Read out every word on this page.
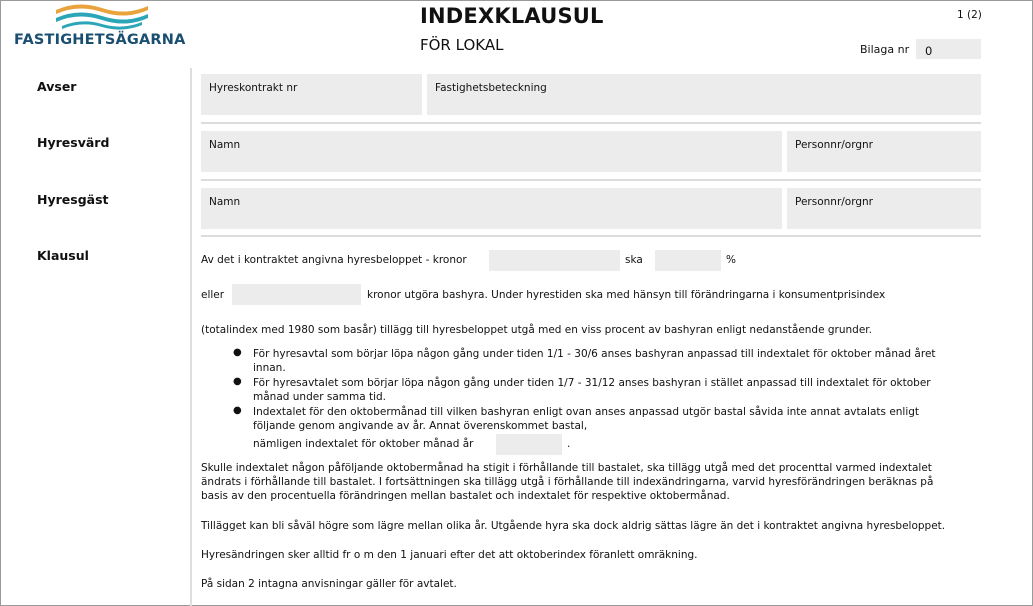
FASTIGHETSÄGARNA
INDEXKLAUSUL
FÖR LOKAL
1 (2)
Bilaga nr	0
Avser	Hyreskontrakt nr	Fastighetsbeteckning
Hyresvärd	Namn	Personnr/orgnr
Hyresgäst	Namn	Personnr/orgnr
Klausul	Av det i kontraktet angivna hyresbeloppet - kronor	ska	%
eller	kronor utgöra bashyra. Under hyrestiden ska med hänsyn till förändringarna i konsumentprisindex
(totalindex med 1980 som basår) tillägg till hyresbeloppet utgå med en viss procent av bashyran enligt nedanstående grunder.
● För hyresavtal som börjar löpa någon gång under tiden 1/1 - 30/6 anses bashyran anpassad till indextalet för oktober månad året
innan.
● För hyresavtalet som börjar löpa någon gång under tiden 1/7 - 31/12 anses bashyran i stället anpassad till indextalet för oktober
månad under samma tid.
● Indextalet för den oktobermånad till vilken bashyran enligt ovan anses anpassad utgör bastal såvida inte annat avtalats enligt
följande genom angivande av år. Annat överenskommet bastal,
nämligen indextalet för oktober månad år	.
Skulle indextalet någon påföljande oktobermånad ha stigit i förhållande till bastalet, ska tillägg utgå med det procenttal varmed indextalet
ändrats i förhållande till bastalet. I fortsättningen ska tillägg utgå i förhållande till indexändringarna, varvid hyresförändringen beräknas på
basis av den procentuella förändringen mellan bastalet och indextalet för respektive oktobermånad.
Tillägget kan bli såväl högre som lägre mellan olika år. Utgående hyra ska dock aldrig sättas lägre än det i kontraktet angivna hyresbeloppet.
Hyresändringen sker alltid fr o m den 1 januari efter det att oktoberindex föranlett omräkning.
På sidan 2 intagna anvisningar gäller för avtalet.
